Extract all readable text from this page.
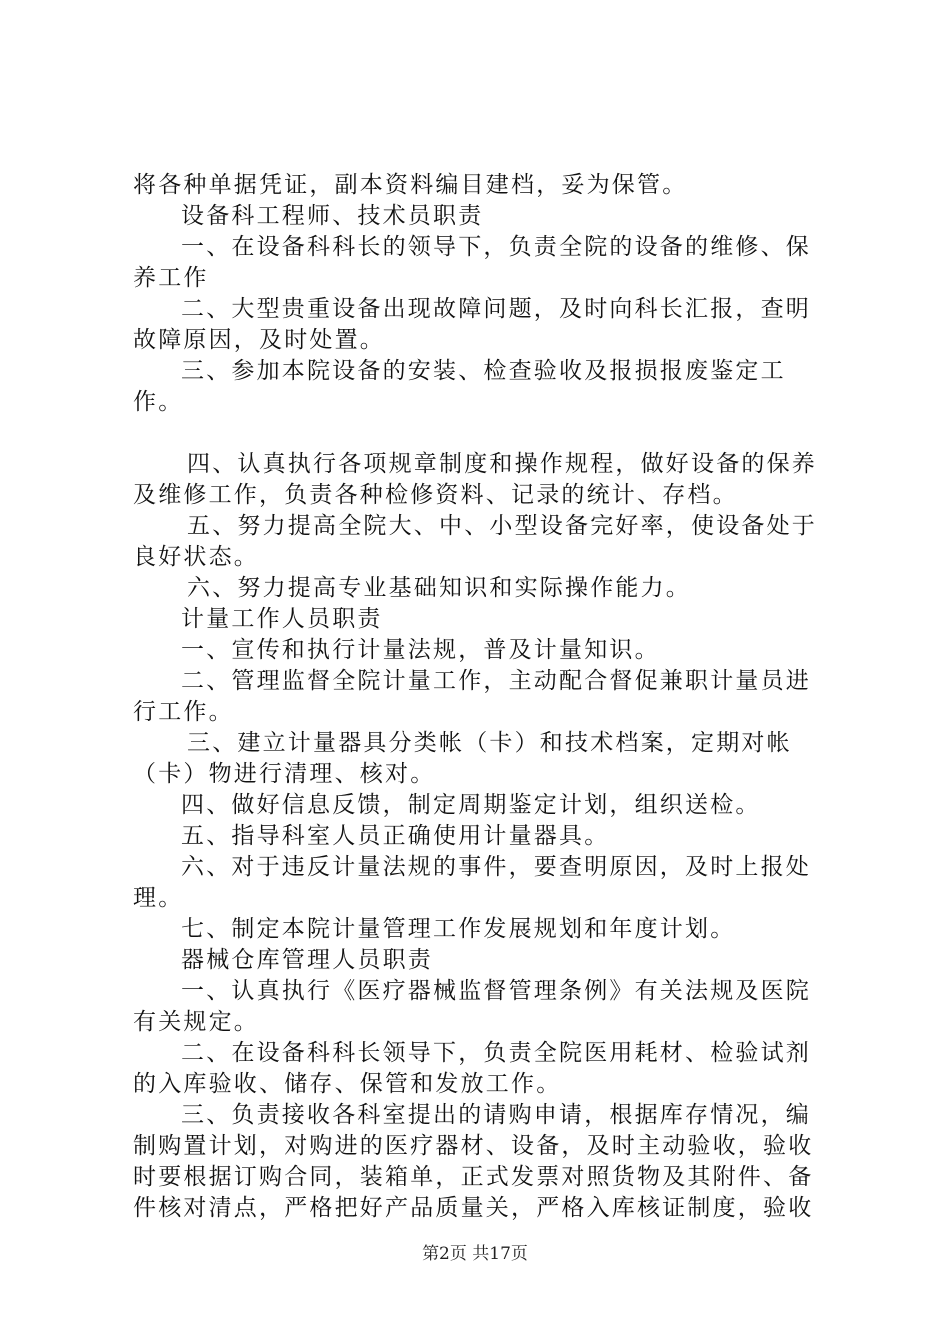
将各种单据凭证，副本资料编目建档，妥为保管。

设备科工程师、技术员职责

一、在设备科科长的领导下，负责全院的设备的维修、保养工作

二、大型贵重设备出现故障问题，及时向科长汇报，查明故障原因，及时处置。

三、参加本院设备的安装、检查验收及报损报废鉴定工作。

四、认真执行各项规章制度和操作规程，做好设备的保养及维修工作，负责各种检修资料、记录的统计、存档。

五、努力提高全院大、中、小型设备完好率，使设备处于良好状态。

六、努力提高专业基础知识和实际操作能力。

计量工作人员职责

一、宣传和执行计量法规，普及计量知识。

二、管理监督全院计量工作，主动配合督促兼职计量员进行工作。

三、建立计量器具分类帐（卡）和技术档案，定期对帐（卡）物进行清理、核对。

四、做好信息反馈，制定周期鉴定计划，组织送检。

五、指导科室人员正确使用计量器具。

六、对于违反计量法规的事件，要查明原因，及时上报处理。

七、制定本院计量管理工作发展规划和年度计划。

器械仓库管理人员职责

一、认真执行《医疗器械监督管理条例》有关法规及医院有关规定。

二、在设备科科长领导下，负责全院医用耗材、检验试剂的入库验收、储存、保管和发放工作。

三、负责接收各科室提出的请购申请，根据库存情况，编制购置计划，对购进的医疗器材、设备，及时主动验收，验收时要根据订购合同，装箱单，正式发票对照货物及其附件、备件核对清点，严格把好产品质量关，严格入库核证制度，验收

第2页 共17页
